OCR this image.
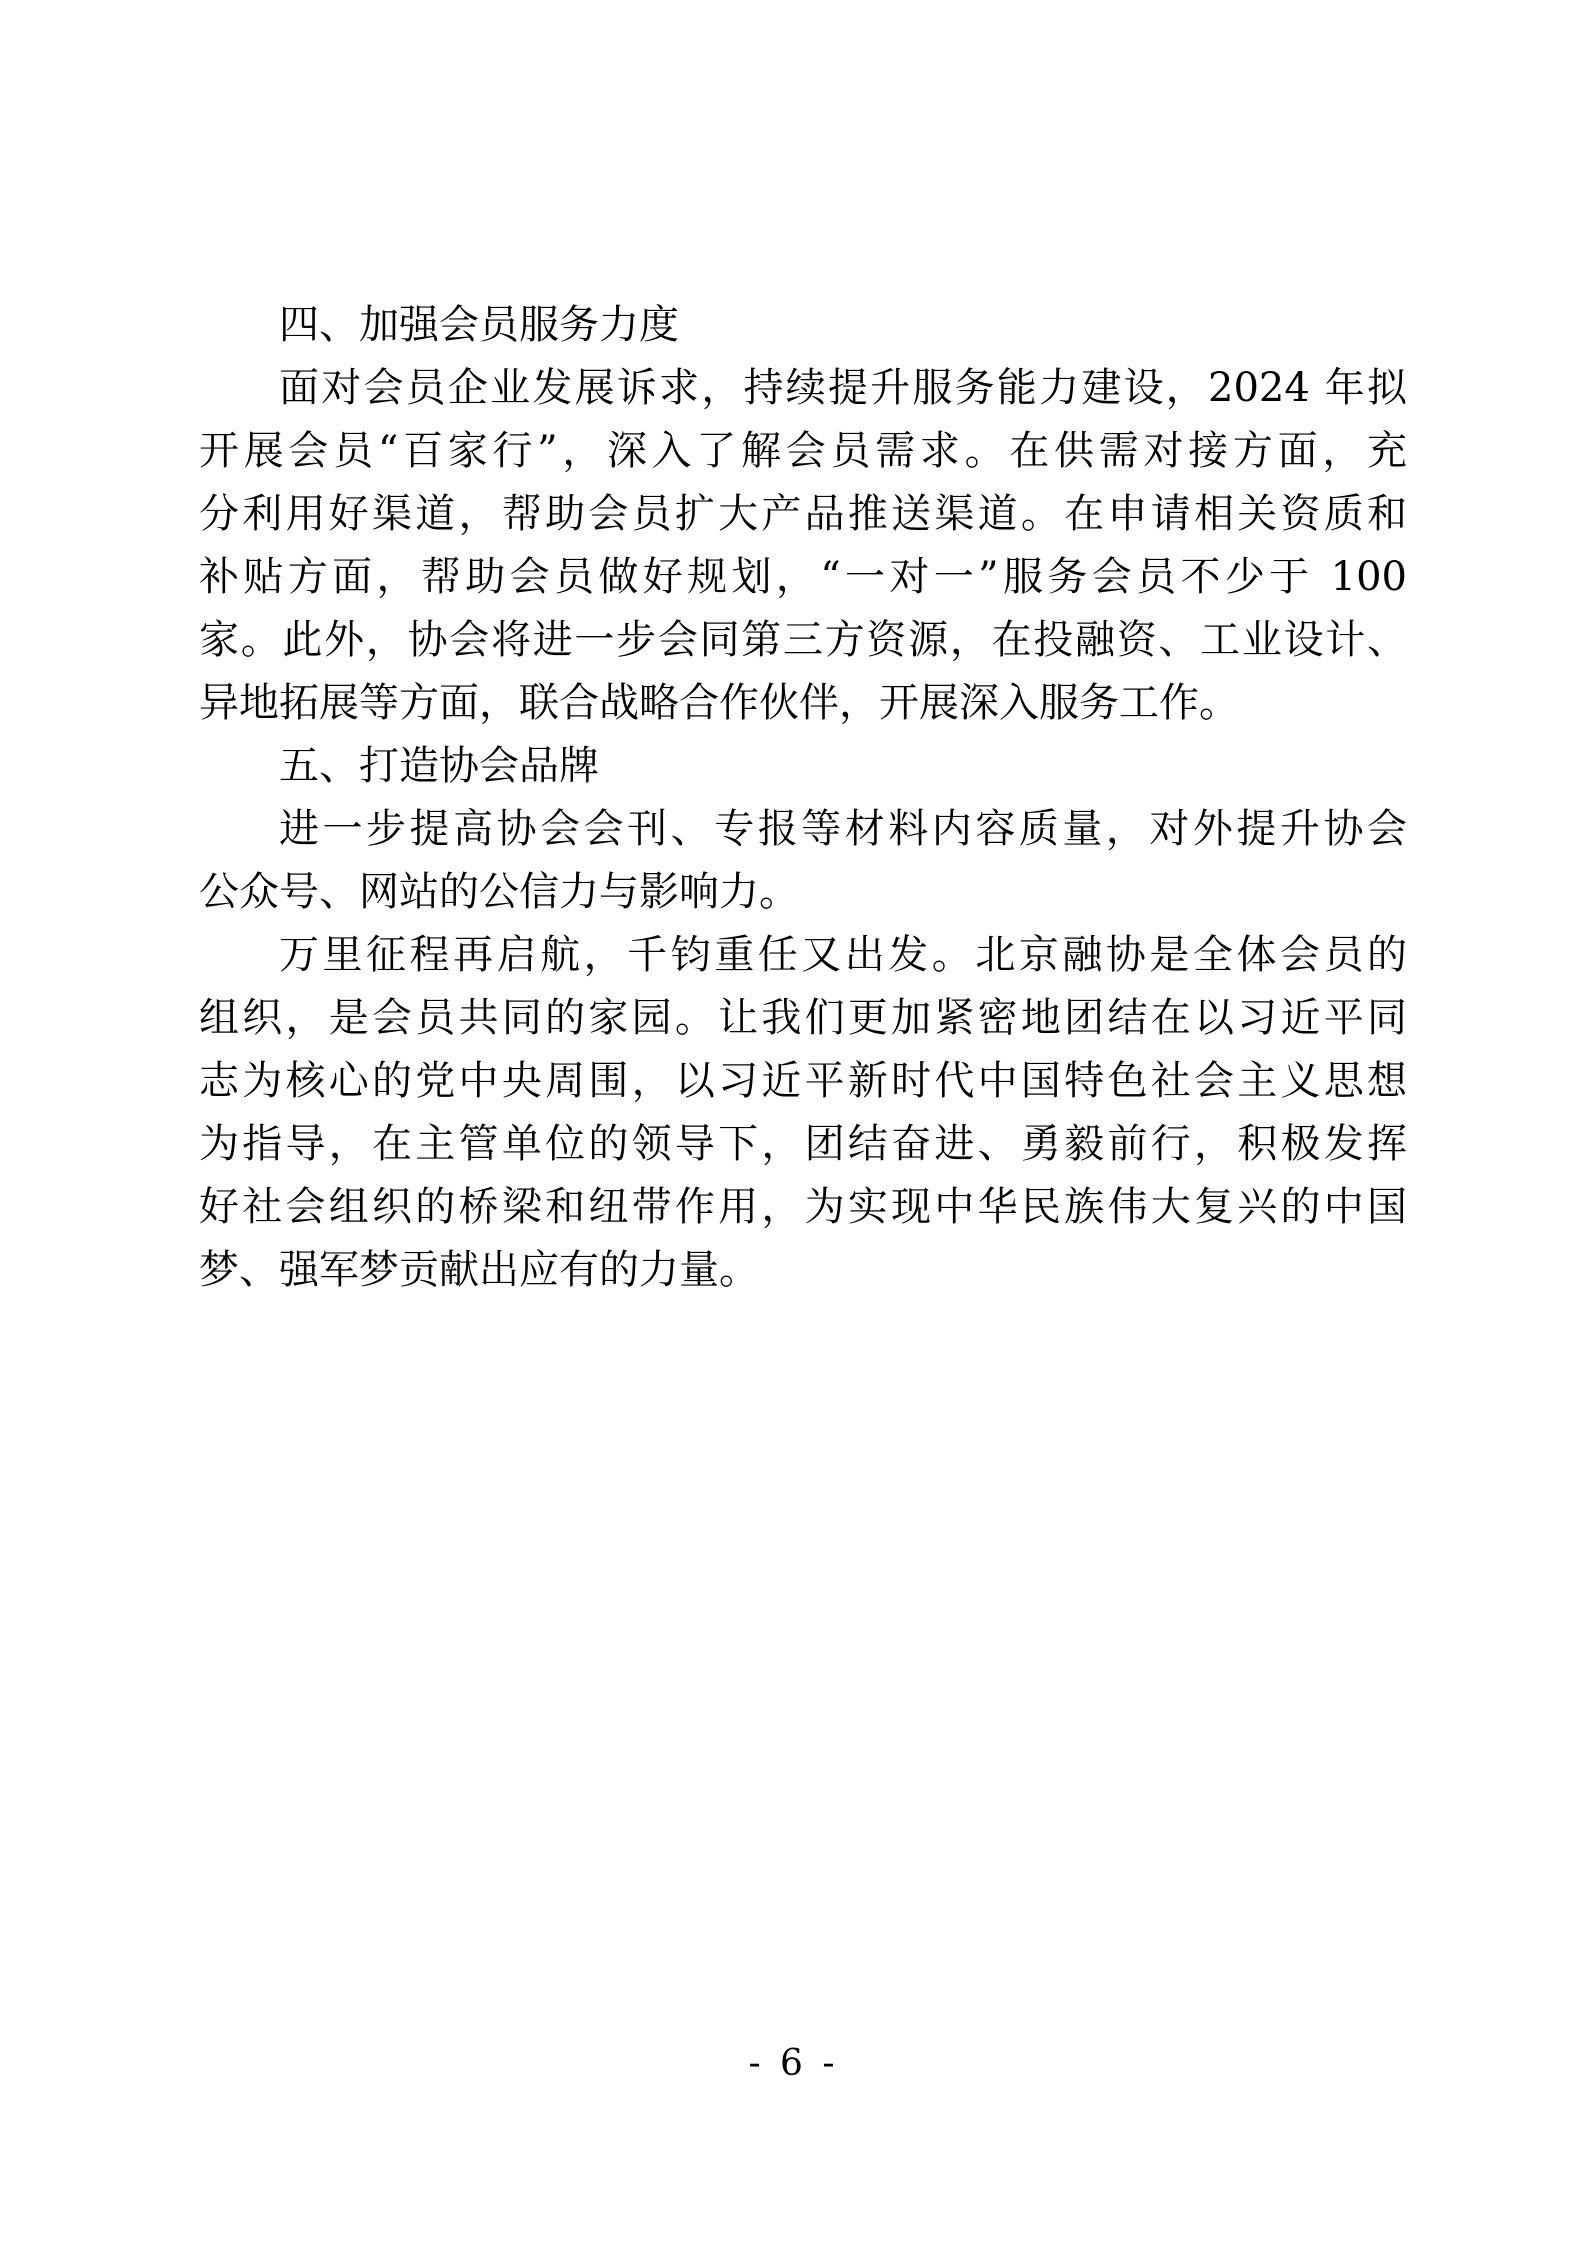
四、加强会员服务力度
面对会员企业发展诉求，持续提升服务能力建设，2024 年拟
开展会员“百家行”，深入了解会员需求。在供需对接方面，充
分利用好渠道，帮助会员扩大产品推送渠道。在申请相关资质和
补贴方面，帮助会员做好规划，“一对一”服务会员不少于 100
家。此外，协会将进一步会同第三方资源，在投融资、工业设计、
异地拓展等方面，联合战略合作伙伴，开展深入服务工作。
五、打造协会品牌
进一步提高协会会刊、专报等材料内容质量，对外提升协会
公众号、网站的公信力与影响力。
万里征程再启航，千钧重任又出发。北京融协是全体会员的
组织，是会员共同的家园。让我们更加紧密地团结在以习近平同
志为核心的党中央周围，以习近平新时代中国特色社会主义思想
为指导，在主管单位的领导下，团结奋进、勇毅前行，积极发挥
好社会组织的桥梁和纽带作用，为实现中华民族伟大复兴的中国
梦、强军梦贡献出应有的力量。
- 6 -
